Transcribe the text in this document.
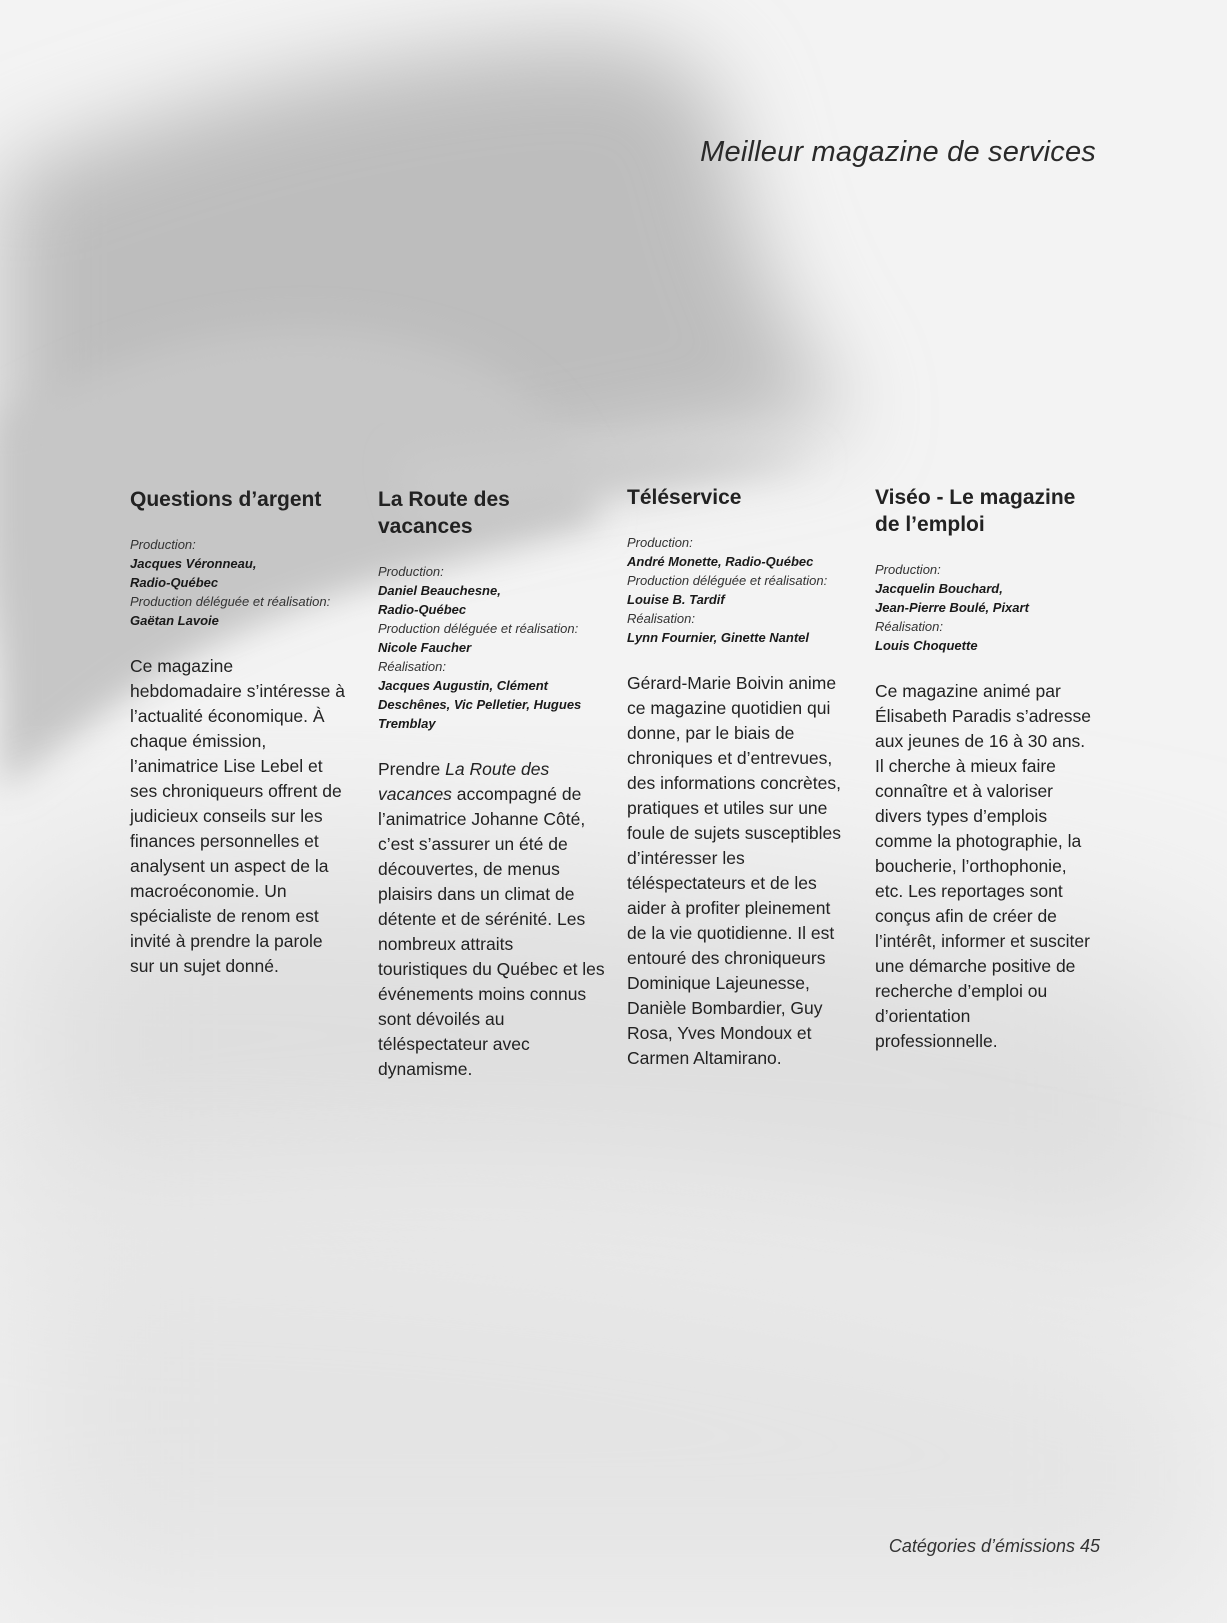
Meilleur magazine de services
Questions d’argent
Production:
Jacques Véronneau,
Radio-Québec
Production déléguée et réalisation:
Gaëtan Lavoie

Ce magazine hebdomadaire s’intéresse à l’actualité économique. À chaque émission, l’animatrice Lise Lebel et ses chroniqueurs offrent de judicieux conseils sur les finances personnelles et analysent un aspect de la macroéconomie. Un spécialiste de renom est invité à prendre la parole sur un sujet donné.

La Route des vacances
Production:
Daniel Beauchesne,
Radio-Québec
Production déléguée et réalisation:
Nicole Faucher
Réalisation:
Jacques Augustin, Clément Deschênes, Vic Pelletier, Hugues Tremblay

Prendre La Route des vacances accompagné de l’animatrice Johanne Côté, c’est s’assurer un été de découvertes, de menus plaisirs dans un climat de détente et de sérénité. Les nombreux attraits touristiques du Québec et les événements moins connus sont dévoilés au téléspectateur avec dynamisme.

Téléservice
Production:
André Monette, Radio-Québec
Production déléguée et réalisation:
Louise B. Tardif
Réalisation:
Lynn Fournier, Ginette Nantel

Gérard-Marie Boivin anime ce magazine quotidien qui donne, par le biais de chroniques et d’entrevues, des informations concrètes, pratiques et utiles sur une foule de sujets susceptibles d’intéresser les téléspectateurs et de les aider à profiter pleinement de la vie quotidienne. Il est entouré des chroniqueurs Dominique Lajeunesse, Danièle Bombardier, Guy Rosa, Yves Mondoux et Carmen Altamirano.

Viséo - Le magazine de l’emploi
Production:
Jacquelin Bouchard,
Jean-Pierre Boulé, Pixart
Réalisation:
Louis Choquette

Ce magazine animé par Élisabeth Paradis s’adresse aux jeunes de 16 à 30 ans. Il cherche à mieux faire connaître et à valoriser divers types d’emplois comme la photographie, la boucherie, l’orthophonie, etc. Les reportages sont conçus afin de créer de l’intérêt, informer et susciter une démarche positive de recherche d’emploi ou d’orientation professionnelle.

Catégories d’émissions 45
